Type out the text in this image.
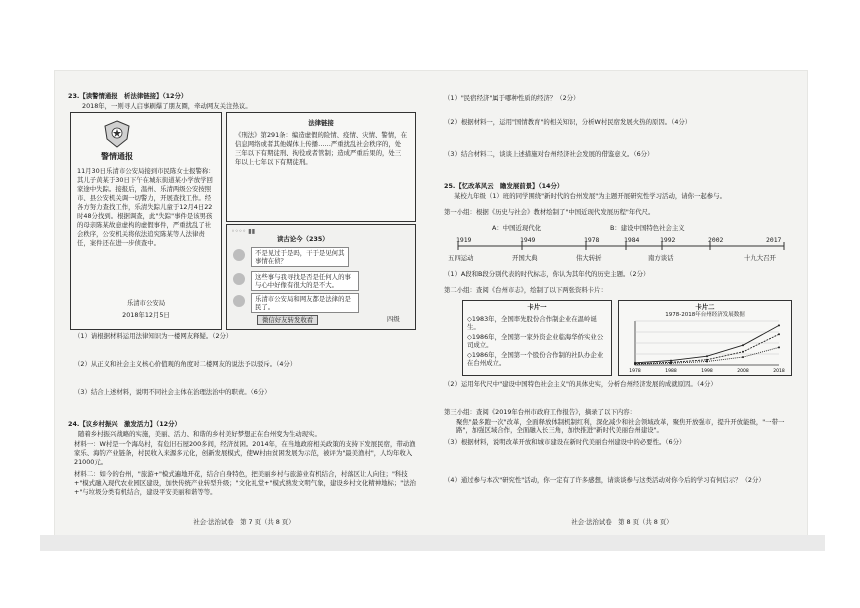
23.【读警情通报　析法律链接】（12分）
2018年，一则寻人启事刷爆了朋友圈，牵动网友关注热议。
警情通报
11月30日乐清市公安局接到市民陈女士报警称：其儿子黄某于30日下午在城东街道某小学放学回家途中失踪。接报后，温州、乐清两级公安按照市、县公安机关调一切警力，开展查找工作。经各方努力查找工作，乐清失踪儿童于12月4日22时48分找到。根据调查，此"失踪"事件是该男孩的母亲陈某故意虚构的虚假事件，严重扰乱了社会秩序，公安机关将依法追究陈某等人法律责任，案件还在进一步侦查中。
乐清市公安局
2018年12月5日
法律链接
《刑法》第291条：编造虚假的险情、疫情、灾情、警情，在信息网络或者其他媒体上传播……严重扰乱社会秩序的，处三年以下有期徒刑、拘役或者管制；造成严重后果的，处三年以上七年以下有期徒刑。
◦◦◦◦ ▮▮
读古论今（235）
不是见过于是吗，干于是见何其事情在侦？
这些事与我寻找是否是任何人的事与心中好像有很大的是不大。
乐清市公安局和网友都是法律的是民了。
微信好友转发收看	四级
（1）请根据材料运用法律知识为一楼网友释疑。（2分）
（2）从正义和社会主义核心价值观的角度对二楼网友的说法予以驳斥。（4分）
（3）结合上述材料，说明不同社会主体在治理法治中的职责。（6分）
24.【议乡村振兴　激发活力】（12分）
随着乡村振兴战略的实施，美丽、活力、和谐的乡村美好梦想正在台州变为生动现实。
材料一：W村是一个海岛村，有危旧石屋200多间，经济贫困。2014年，在当地政府相关政策的支持下发展民宿，带动渔家乐、海钓产业链条，村民收入来源多元化，创新发展模式，使W村由贫困发展为示范，被评为"最美渔村"，人均年收入21000元。
材料二：如今的台州，"旅游+"模式遍地开花，结合自身特色，把美丽乡村与旅游业有机结合，村落区让人向往；"科技+"模式融入现代农业园区建设，加快传统产业转型升级；"文化礼堂+"模式熟发文明气象，建设乡村文化精神地标；"法治+"与垃圾分类有机结合，建设平安美丽和谐等等。
社会·法治试卷　第 7 页（共 8 页）
（1）"民宿经济"属于哪种性质的经济？（2分）
（2）根据材料一，运用"国情教育"的相关知识，分析W村民宿发展火热的原因。（4分）
（3）结合材料二，谈谈上述措施对台州经济社会发展的借鉴意义。（6分）
25.【忆改革风云　瞻发展前景】（14分）
某校九年级（1）班的同学围绕"新时代的台州发展"为主题开展研究性学习活动，请你一起参与。
第一小组：根据《历史与社会》教材绘制了"中国近现代发展历程"年代尺。
A：中国近现代化	B：建设中国特色社会主义
1919	1949	1978	1984	1992	2002	2017
五四运动	开国大典	伟大转折	南方谈话	十九大召开
（1）A段和B段分别代表的时代标志，你认为其年代的历史主题。（2分）
第二小组：查阅《台州市志》，绘制了以下两张资料卡片：
卡片一
◇1983年，全国率先股份合作制企业在温岭诞生。
◇1986年，全国第一家外资企业临海华侨实业公司成立。
◇1986年，全国第一个股份合作制的社队办企业在台州成立。
卡片二
1978-2018年台州经济发展数据
1978	1988	1998	2008	2018
（2）运用年代尺中"建设中国特色社会主义"的具体史实，分析台州经济发展的成就原因。（4分）
第三小组：查阅《2019年台州市政府工作报告》，摘录了以下内容：
聚焦"最多跑一次"改革，全面释放体制机制红利，深化减少和社会领域改革，聚焦开放强市，提升开放能级，"一带一路"，加强区域合作，全面融入长三角，加快推进"新时代美丽台州建设"。
（3）根据材料，说明改革开放和城市建设在新时代美丽台州建设中的必要性。（6分）
（4）通过参与本次"研究性"活动，你一定有了许多感想，请谈谈参与这类活动对你今后的学习有何启示？（2分）
社会·法治试卷　第 8 页（共 8 页）
